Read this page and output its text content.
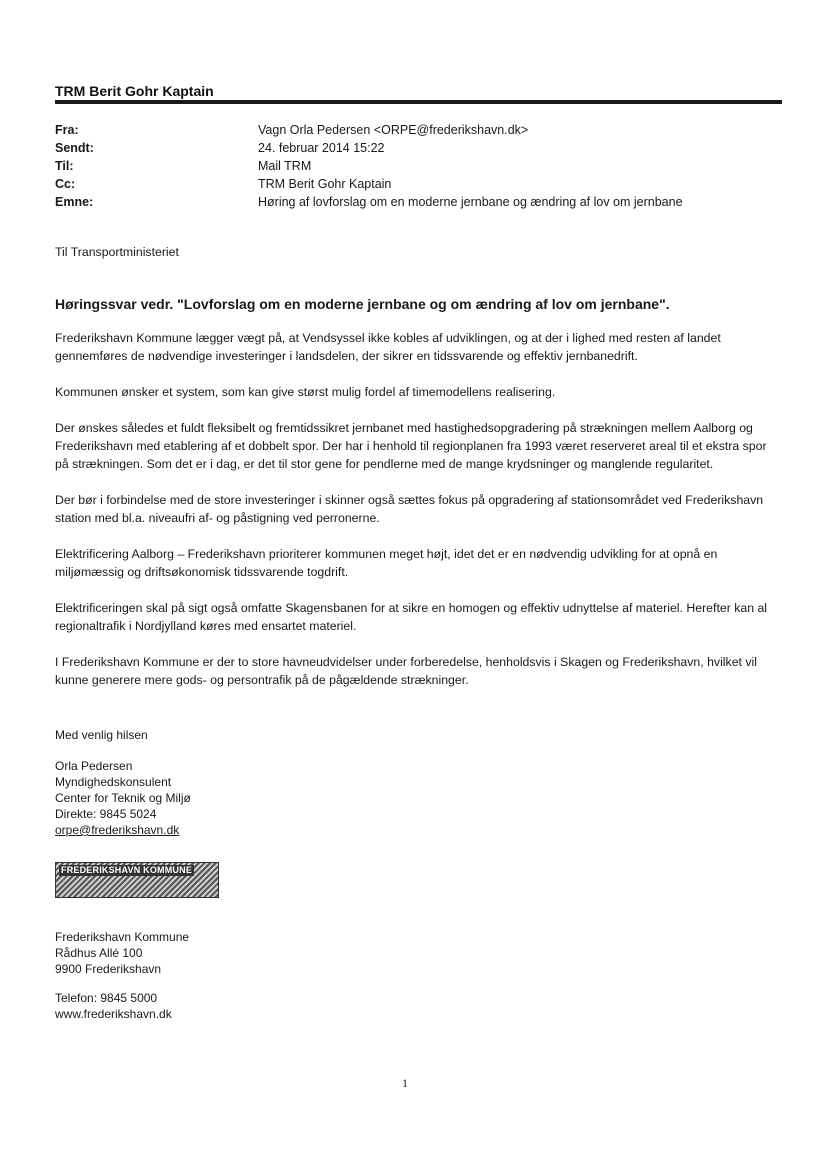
TRM Berit Gohr Kaptain
Fra:	Vagn Orla Pedersen <ORPE@frederikshavn.dk>
Sendt:	24. februar 2014 15:22
Til:	Mail TRM
Cc:	TRM Berit Gohr Kaptain
Emne:	Høring af lovforslag om en moderne jernbane og ændring af lov om jernbane

Til Transportministeriet

Høringssvar vedr. "Lovforslag om en moderne jernbane og om ændring af lov om jernbane".

Frederikshavn Kommune lægger vægt på, at Vendsyssel ikke kobles af udviklingen, og at der i lighed med resten af landet gennemføres de nødvendige investeringer i landsdelen, der sikrer en tidssvarende og effektiv jernbanedrift.

Kommunen ønsker et system, som kan give størst mulig fordel af timemodellens realisering.

Der ønskes således et fuldt fleksibelt og fremtidssikret jernbanet med hastighedsopgradering på strækningen mellem Aalborg og Frederikshavn med etablering af et dobbelt spor. Der har i henhold til regionplanen fra 1993 været reserveret areal til et ekstra spor på strækningen. Som det er i dag, er det til stor gene for pendlerne med de mange krydsninger og manglende regularitet.

Der bør i forbindelse med de store investeringer i skinner også sættes fokus på opgradering af stationsområdet ved Frederikshavn station med bl.a. niveaufri af- og påstigning ved perronerne.

Elektrificering Aalborg – Frederikshavn prioriterer kommunen meget højt, idet det er en nødvendig udvikling for at opnå en miljømæssig og driftsøkonomisk tidssvarende togdrift.

Elektrificeringen skal på sigt også omfatte Skagensbanen for at sikre en homogen og effektiv udnyttelse af materiel. Herefter kan al regionaltrafik i Nordjylland køres med ensartet materiel.

I Frederikshavn Kommune er der to store havneudvidelser under forberedelse, henholdsvis i Skagen og Frederikshavn, hvilket vil kunne generere mere gods- og persontrafik på de pågældende strækninger.

Med venlig hilsen
Orla Pedersen
Myndighedskonsulent
Center for Teknik og Miljø
Direkte: 9845 5024
orpe@frederikshavn.dk
FREDERIKSHAVN KOMMUNE
Frederikshavn Kommune
Rådhus Allé 100
9900 Frederikshavn
Telefon: 9845 5000
www.frederikshavn.dk
1
